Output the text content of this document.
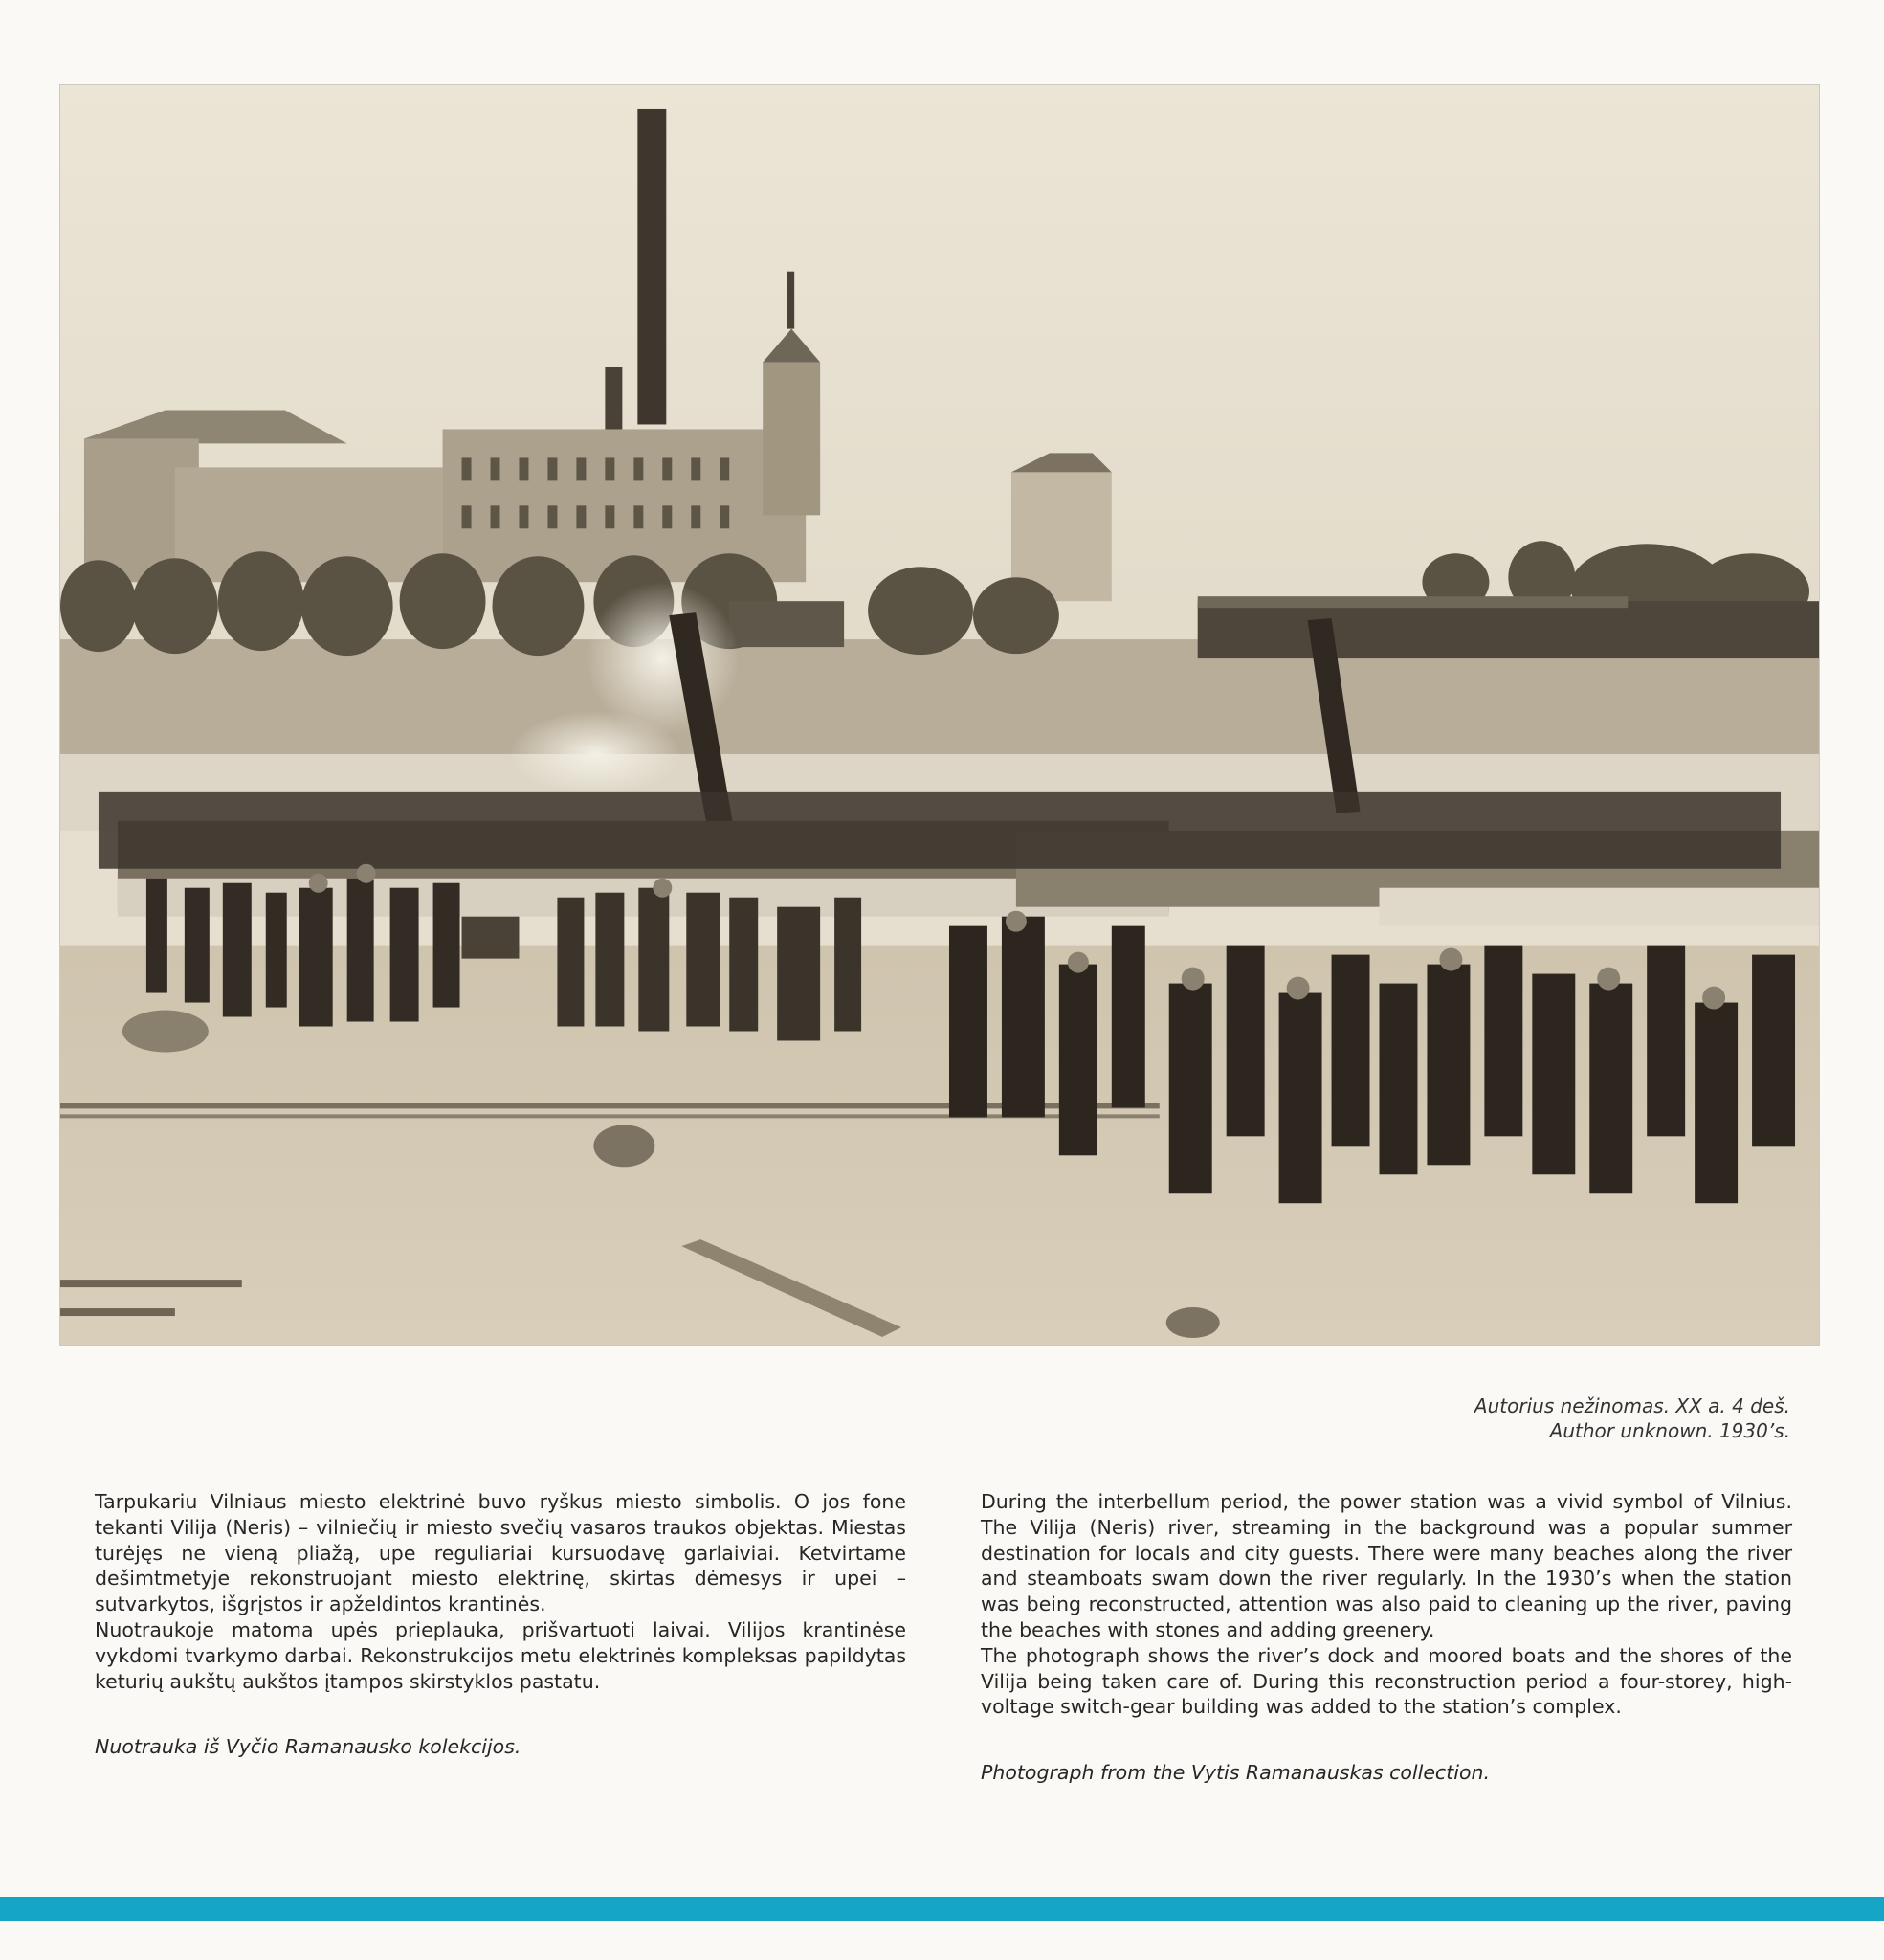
Autorius nežinomas. XX a. 4 deš.
Author unknown. 1930’s.

Tarpukariu Vilniaus miesto elektrinė buvo ryškus miesto simbolis. O jos fone tekanti Vilija (Neris) – vilniečių ir miesto svečių vasaros traukos objektas. Miestas turėjęs ne vieną pliažą, upe reguliariai kursuodavę garlaiviai. Ketvirtame dešimtmetyje rekonstruojant miesto elektrinę, skirtas dėmesys ir upei – sutvarkytos, išgrįstos ir apželdintos krantinės.

Nuotraukoje matoma upės prieplauka, prišvartuoti laivai. Vilijos krantinėse vykdomi tvarkymo darbai. Rekonstrukcijos metu elektrinės kompleksas papildytas keturių aukštų aukštos įtampos skirstyklos pastatu.

Nuotrauka iš Vyčio Ramanausko kolekcijos.

During the interbellum period, the power station was a vivid symbol of Vilnius. The Vilija (Neris) river, streaming in the background was a popular summer destination for locals and city guests. There were many beaches along the river and steamboats swam down the river regularly. In the 1930’s when the station was being reconstructed, attention was also paid to cleaning up the river, paving the beaches with stones and adding greenery.

The photograph shows the river’s dock and moored boats and the shores of the Vilija being taken care of. During this reconstruction period a four-storey, high-voltage switch-gear building was added to the station’s complex.

Photograph from the Vytis Ramanauskas collection.
